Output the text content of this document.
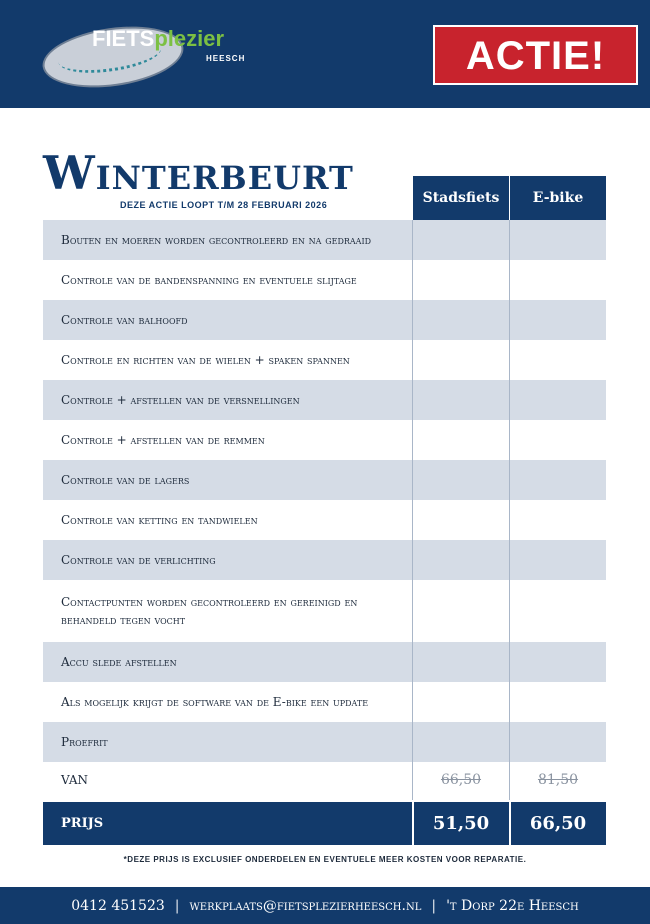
FIETSplezier
HEESCH	ACTIE!
Winterbeurt
DEZE ACTIE LOOPT T/M 28 FEBRUARI 2026	Stadsfiets	E-bike
Bouten en moeren worden gecontroleerd en na gedraaid
Controle van de bandenspanning en eventuele slijtage
Controle van balhoofd
Controle en richten van de wielen + spaken spannen
Controle + afstellen van de versnellingen
Controle + afstellen van de remmen
Controle van de lagers
Controle van ketting en tandwielen
Controle van de verlichting
Contactpunten worden gecontroleerd en gereinigd en behandeld tegen vocht
Accu slede afstellen
Als mogelijk krijgt de software van de E-bike een update
Proefrit
VAN	66,50	81,50
PRIJS	51,50	66,50
*DEZE PRIJS IS EXCLUSIEF ONDERDELEN EN EVENTUELE MEER KOSTEN VOOR REPARATIE.
0412 451523 | werkplaats@fietsplezierheesch.nl | 't Dorp 22e Heesch
